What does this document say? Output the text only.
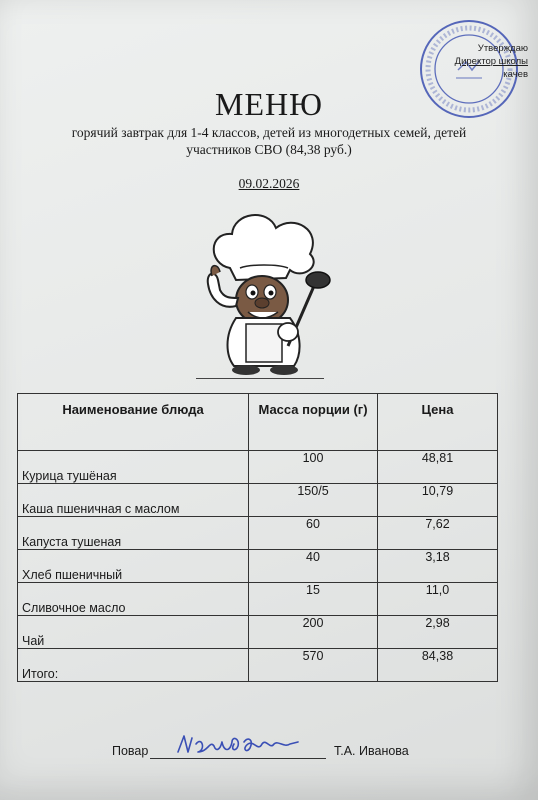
Утверждаю
Директор школы
качев
МЕНЮ
горячий завтрак для 1-4 классов, детей из многодетных семей, детей участников СВО (84,38 руб.)
09.02.2026
Наименование блюда	Масса порции (г)	Цена
Курица тушёная	100	48,81
Каша пшеничная с маслом	150/5	10,79
Капуста тушеная	60	7,62
Хлеб пшеничный	40	3,18
Сливочное масло	15	11,0
Чай	200	2,98
Итого:	570	84,38
Повар	Т.А. Иванова
